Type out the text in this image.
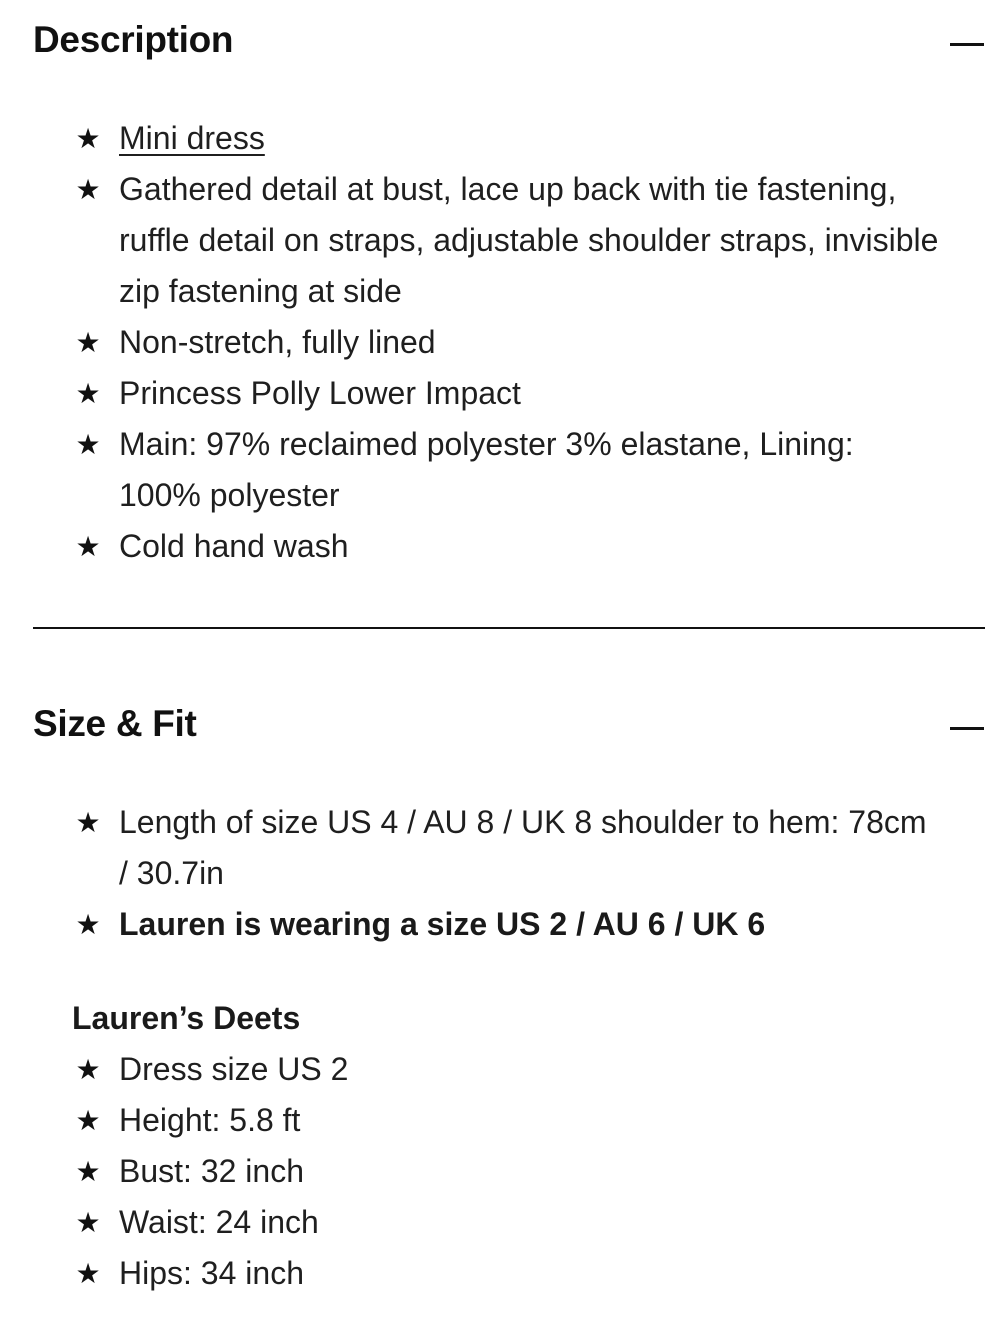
Description
★ Mini dress
★ Gathered detail at bust, lace up back with tie fastening, ruffle detail on straps, adjustable shoulder straps, invisible zip fastening at side
★ Non-stretch, fully lined
★ Princess Polly Lower Impact
★ Main: 97% reclaimed polyester 3% elastane, Lining: 100% polyester
★ Cold hand wash
Size & Fit
★ Length of size US 4 / AU 8 / UK 8 shoulder to hem: 78cm / 30.7in
★ Lauren is wearing a size US 2 / AU 6 / UK 6
Lauren’s Deets
★ Dress size US 2
★ Height: 5.8 ft
★ Bust: 32 inch
★ Waist: 24 inch
★ Hips: 34 inch
